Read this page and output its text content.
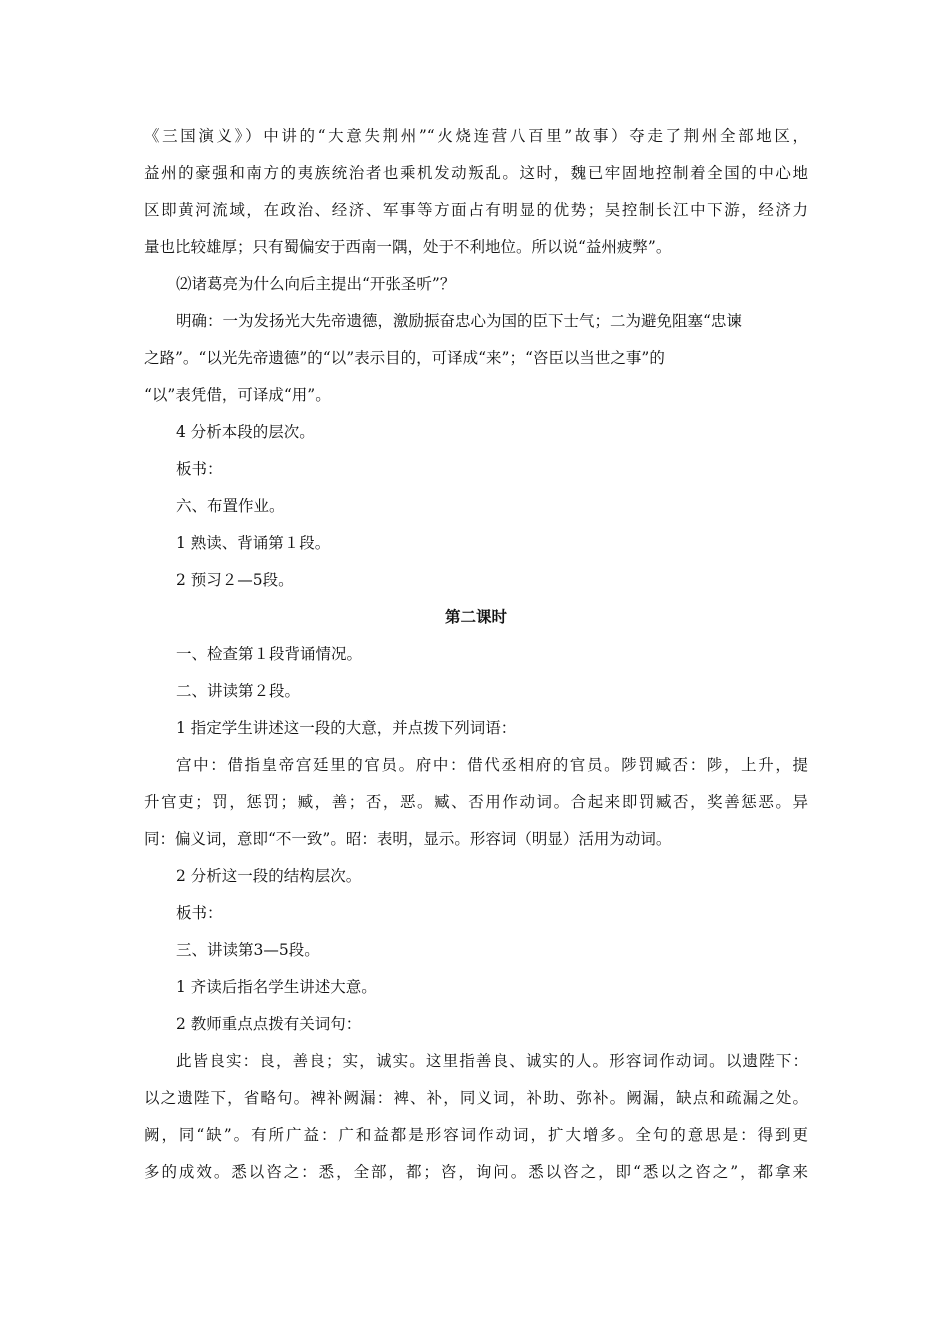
《三国演义》）中讲的“大意失荆州”“火烧连营八百里”故事）夺走了荆州全部地区，
益州的豪强和南方的夷族统治者也乘机发动叛乱。这时，魏已牢固地控制着全国的中心地
区即黄河流域，在政治、经济、军事等方面占有明显的优势；吴控制长江中下游，经济力
量也比较雄厚；只有蜀偏安于西南一隅，处于不利地位。所以说“益州疲弊”。
⑵诸葛亮为什么向后主提出“开张圣听”？
明确：一为发扬光大先帝遗德，激励振奋忠心为国的臣下士气；二为避免阻塞“忠谏
之路”。“以光先帝遗德”的“以”表示目的，可译成“来”；“咨臣以当世之事”的
“以”表凭借，可译成“用”。
4 分析本段的层次。
板书：
六、布置作业。
1 熟读、背诵第１段。
2 预习２—5段。
第二课时
一、检查第１段背诵情况。
二、讲读第２段。
1 指定学生讲述这一段的大意，并点拨下列词语：
宫中：借指皇帝宫廷里的官员。府中：借代丞相府的官员。陟罚臧否：陟，上升，提
升官吏；罚，惩罚；臧，善；否，恶。臧、否用作动词。合起来即罚臧否，奖善惩恶。异
同：偏义词，意即“不一致”。昭：表明，显示。形容词（明显）活用为动词。
2 分析这一段的结构层次。
板书：
三、讲读第3—5段。
1 齐读后指名学生讲述大意。
2 教师重点点拨有关词句：
此皆良实：良，善良；实，诚实。这里指善良、诚实的人。形容词作动词。以遗陛下：
以之遗陛下，省略句。裨补阙漏：裨、补，同义词，补助、弥补。阙漏，缺点和疏漏之处。
阙，同“缺”。有所广益：广和益都是形容词作动词，扩大增多。全句的意思是：得到更
多的成效。悉以咨之：悉，全部，都；咨，询问。悉以咨之，即“悉以之咨之”，都拿来
